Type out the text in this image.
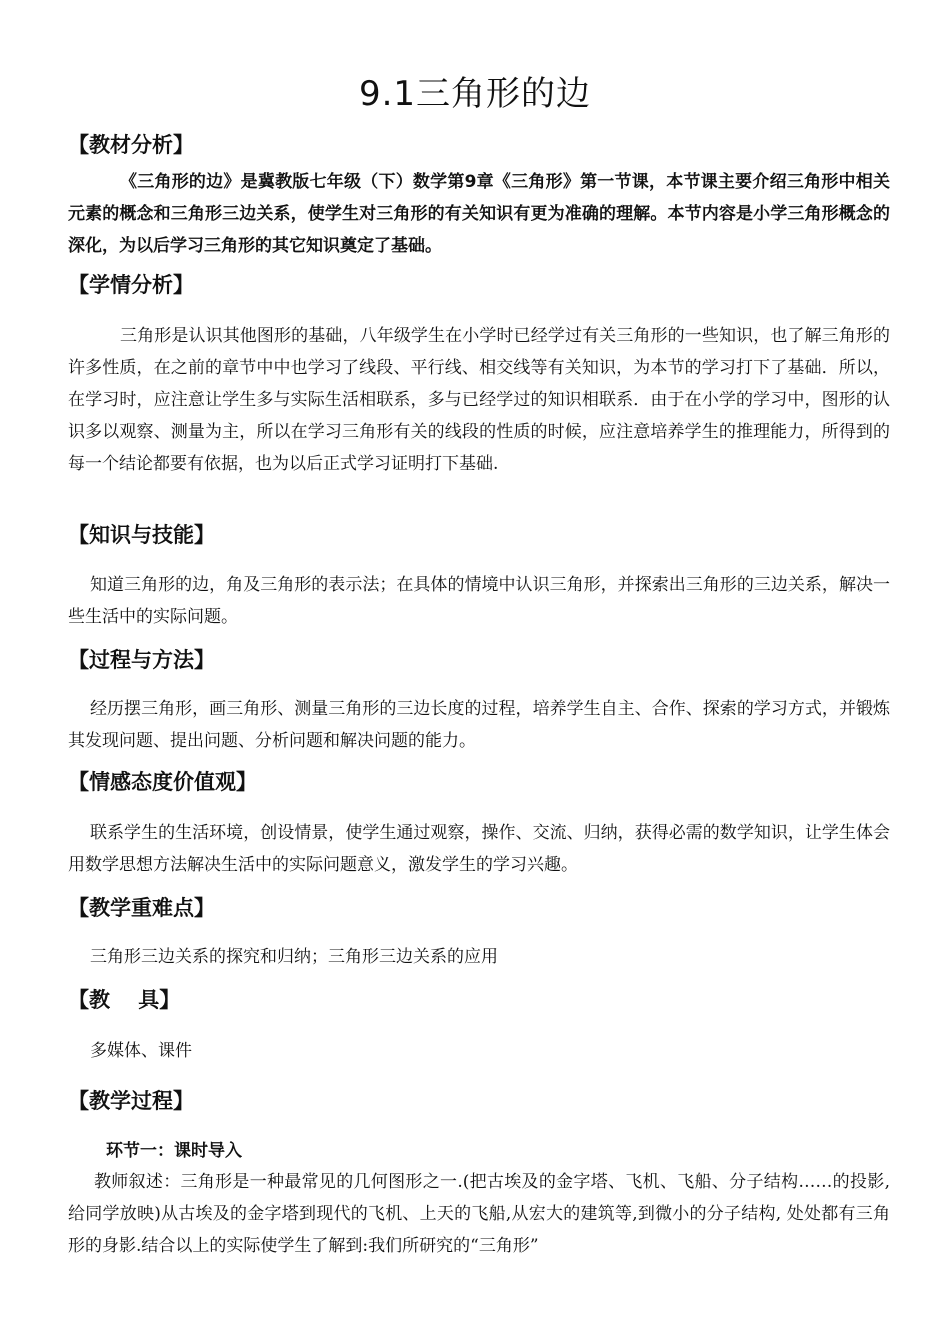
9.1三角形的边
【教材分析】
《三角形的边》是冀教版七年级（下）数学第9章《三角形》第一节课，本节课主要介绍三角形中相关元素的概念和三角形三边关系，使学生对三角形的有关知识有更为准确的理解。本节内容是小学三角形概念的深化，为以后学习三角形的其它知识奠定了基础。
【学情分析】
三角形是认识其他图形的基础，八年级学生在小学时已经学过有关三角形的一些知识，也了解三角形的许多性质，在之前的章节中中也学习了线段、平行线、相交线等有关知识，为本节的学习打下了基础．所以，在学习时，应注意让学生多与实际生活相联系，多与已经学过的知识相联系．由于在小学的学习中，图形的认识多以观察、测量为主，所以在学习三角形有关的线段的性质的时候，应注意培养学生的推理能力，所得到的每一个结论都要有依据，也为以后正式学习证明打下基础.
【知识与技能】
知道三角形的边，角及三角形的表示法；在具体的情境中认识三角形，并探索出三角形的三边关系，解决一些生活中的实际问题。
【过程与方法】
经历摆三角形，画三角形、测量三角形的三边长度的过程，培养学生自主、合作、探索的学习方式，并锻炼其发现问题、提出问题、分析问题和解决问题的能力。
【情感态度价值观】
联系学生的生活环境，创设情景，使学生通过观察，操作、交流、归纳，获得必需的数学知识，让学生体会用数学思想方法解决生活中的实际问题意义，激发学生的学习兴趣。
【教学重难点】
三角形三边关系的探究和归纳；三角形三边关系的应用
【教　 具】
多媒体、课件
【教学过程】
环节一：课时导入
教师叙述：三角形是一种最常见的几何图形之一.(把古埃及的金字塔、飞机、飞船、分子结构……的投影,给同学放映)从古埃及的金字塔到现代的飞机、上天的飞船,从宏大的建筑等,到微小的分子结构, 处处都有三角形的身影.结合以上的实际使学生了解到:我们所研究的“三角形”
